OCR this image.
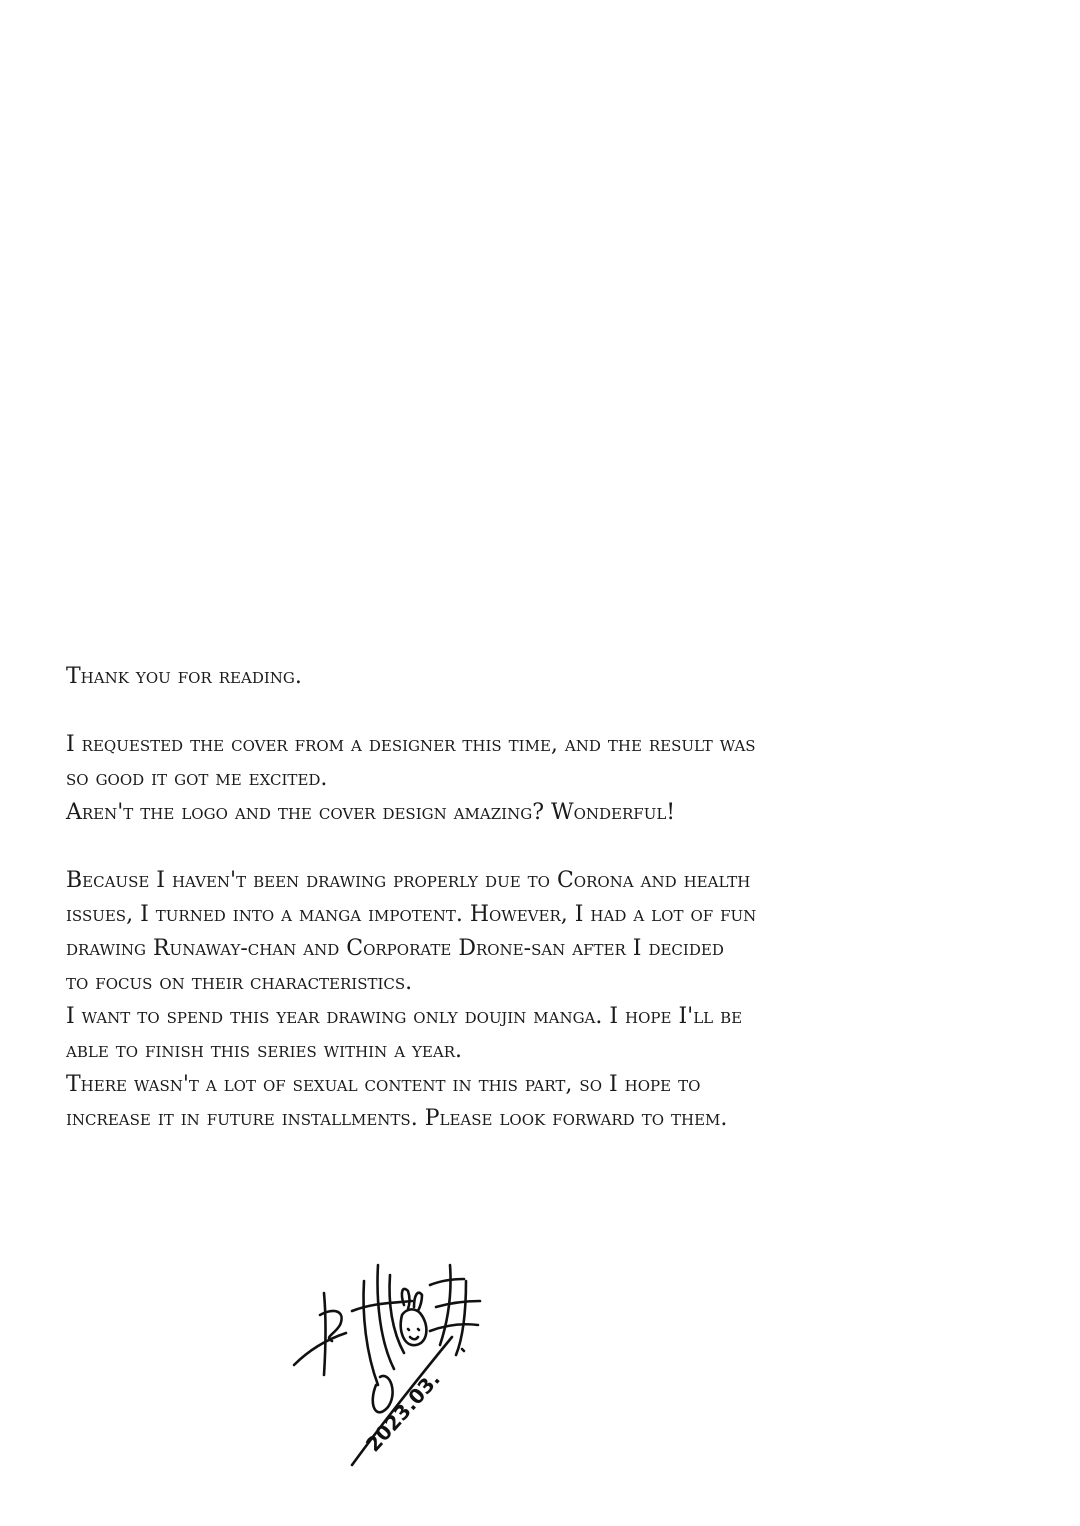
Thank you for reading.

I requested the cover from a designer this time, and the result was
so good it got me excited.
Aren't the logo and the cover design amazing? Wonderful!

Because I haven't been drawing properly due to Corona and health
issues, I turned into a manga impotent. However, I had a lot of fun
drawing Runaway-chan and Corporate Drone-san after I decided
to focus on their characteristics.
I want to spend this year drawing only doujin manga. I hope I'll be
able to finish this series within a year.
There wasn't a lot of sexual content in this part, so I hope to
increase it in future installments. Please look forward to them.

2023.03.
